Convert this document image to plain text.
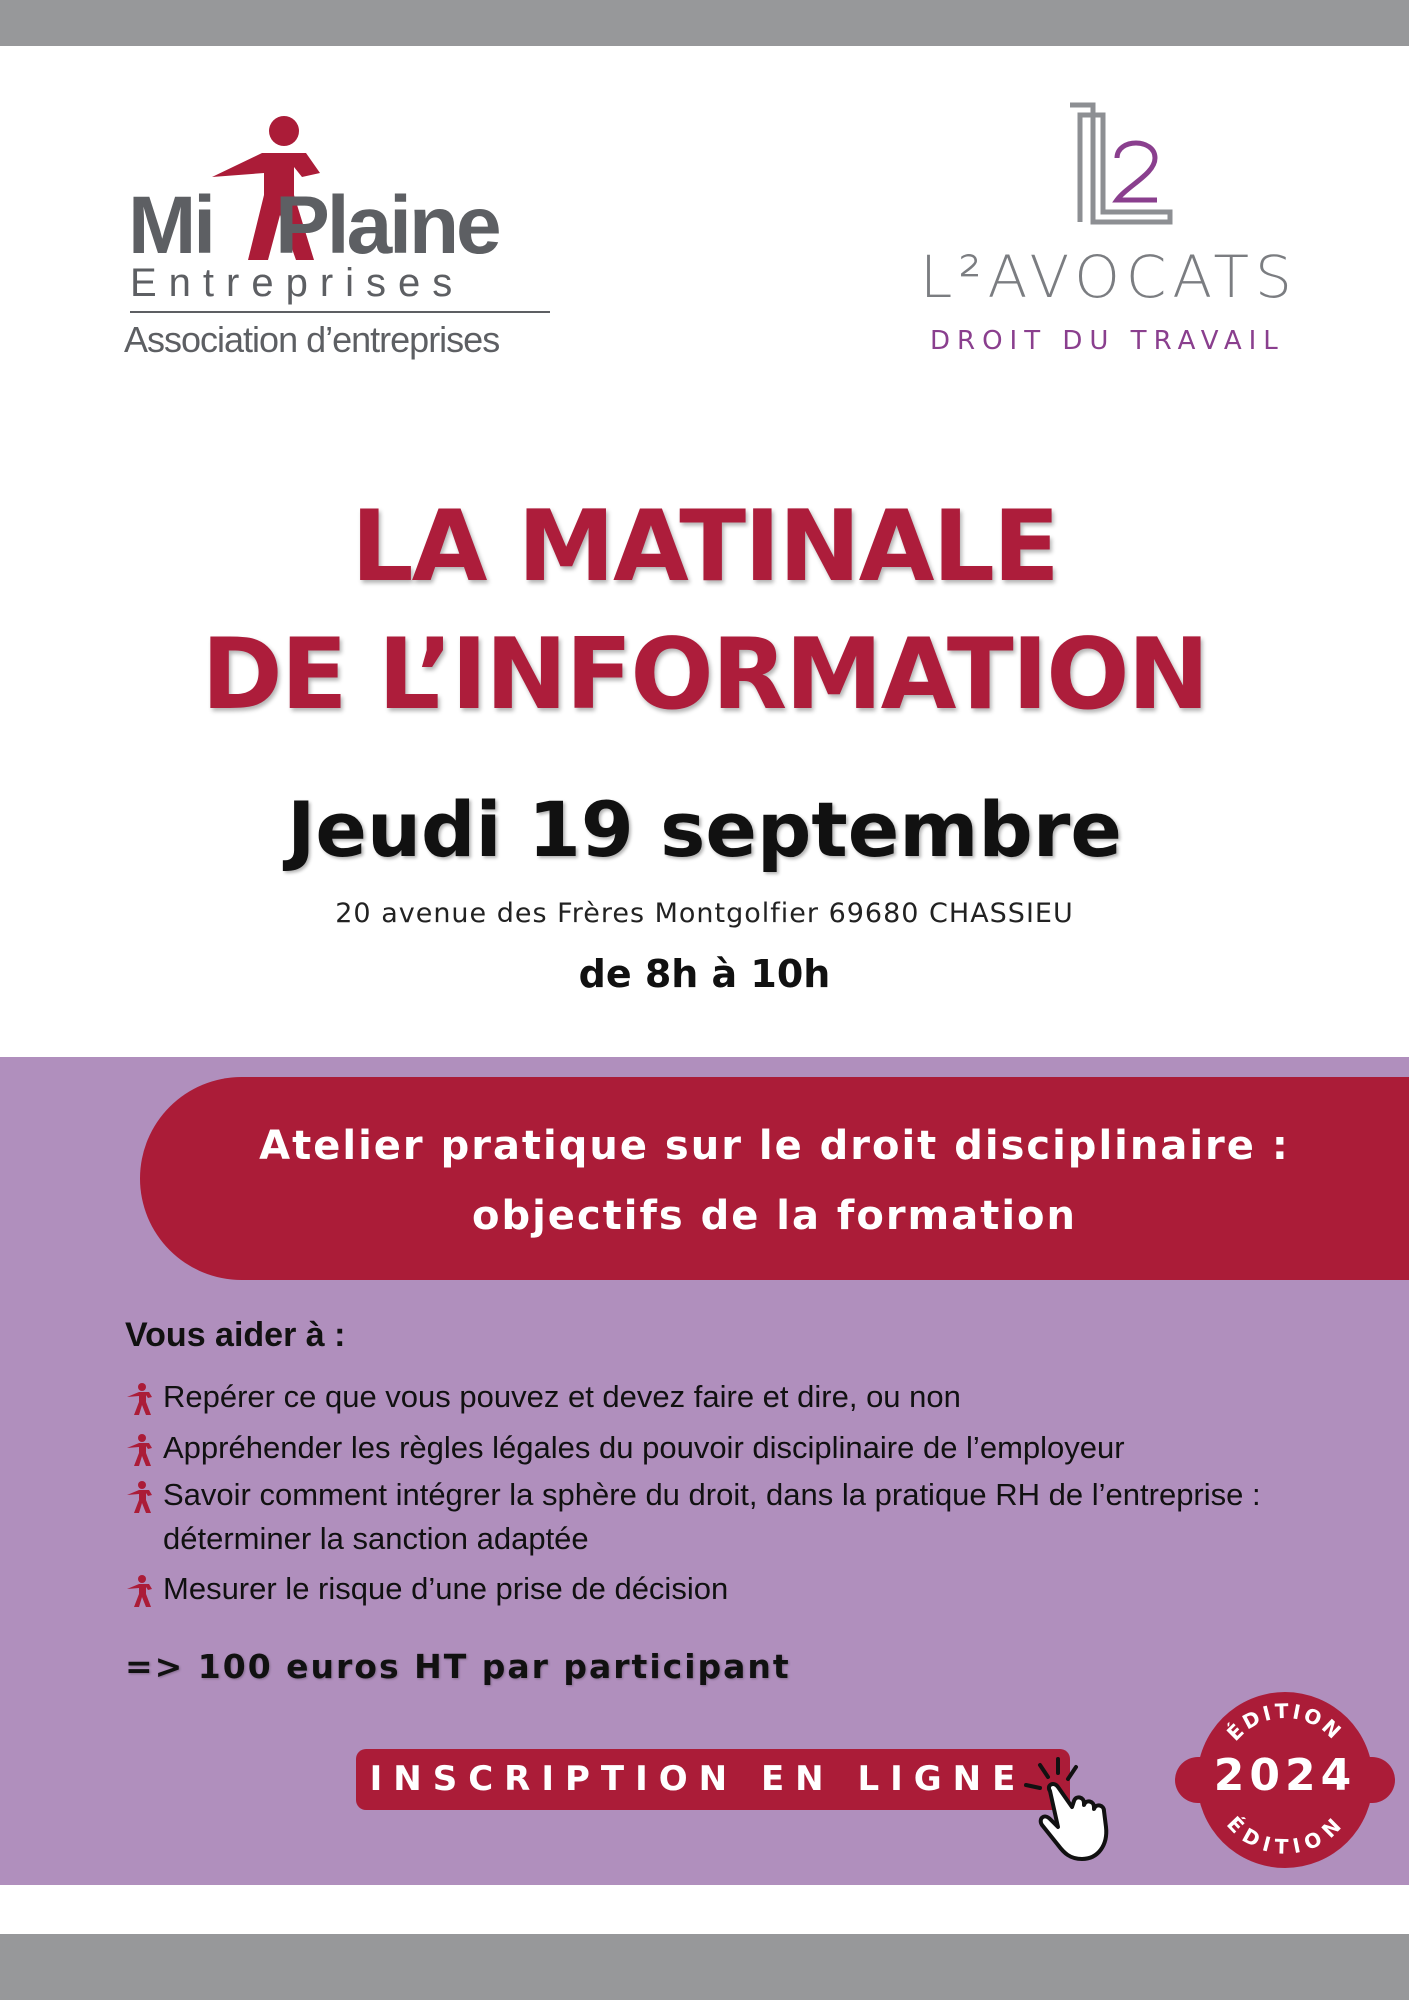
Mi Plaine
Entreprises
Association d’entreprises
L²AVOCATS
DROIT DU TRAVAIL
LA MATINALE
DE L’INFORMATION
Jeudi 19 septembre
20 avenue des Frères Montgolfier 69680 CHASSIEU
de 8h à 10h
Atelier pratique sur le droit disciplinaire :
objectifs de la formation
Vous aider à :
Repérer ce que vous pouvez et devez faire et dire, ou non
Appréhender les règles légales du pouvoir disciplinaire de l’employeur
Savoir comment intégrer la sphère du droit, dans la pratique RH de l’entreprise : déterminer la sanction adaptée
Mesurer le risque d’une prise de décision
=> 100 euros HT par participant
INSCRIPTION EN LIGNE
ÉDITION
ÉDITION
2024
